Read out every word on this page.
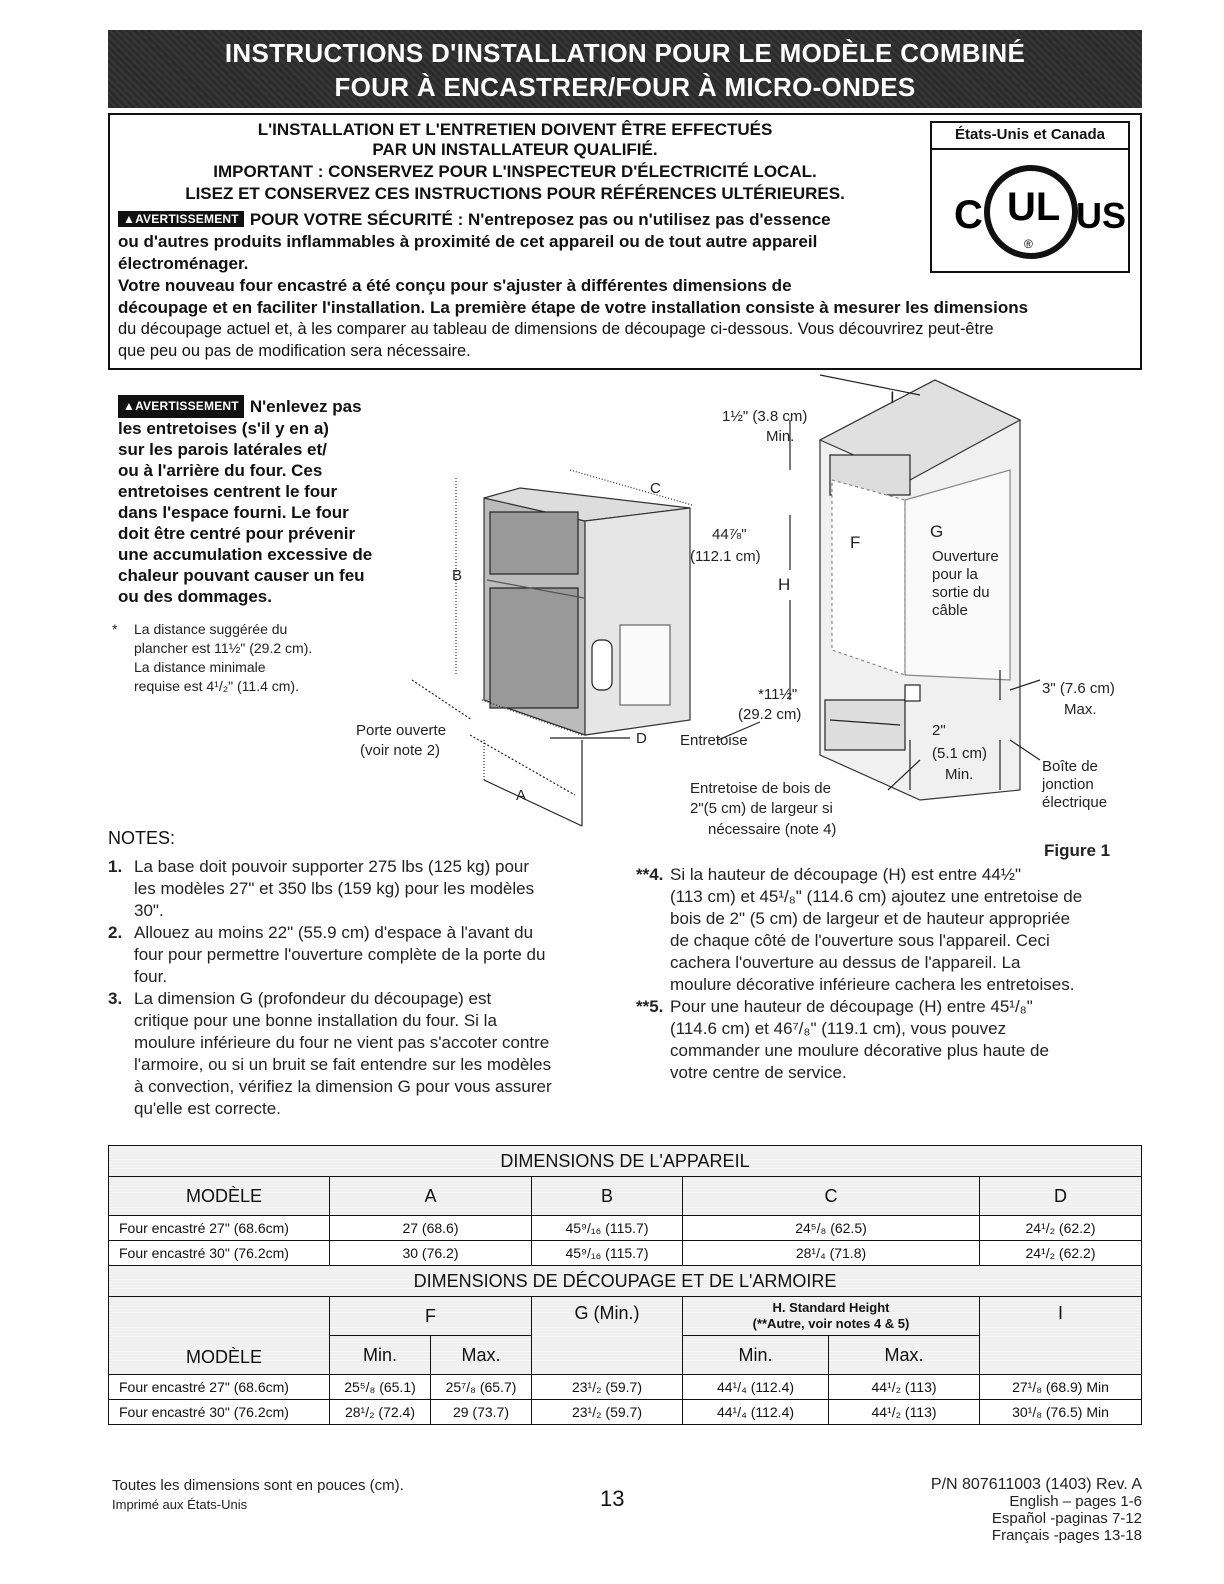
INSTRUCTIONS D'INSTALLATION POUR LE MODÈLE COMBINÉ
FOUR À ENCASTRER/FOUR À MICRO-ONDES
L'INSTALLATION ET L'ENTRETIEN DOIVENT ÊTRE EFFECTUÉS
PAR UN INSTALLATEUR QUALIFIÉ.
IMPORTANT : CONSERVEZ POUR L'INSPECTEUR D'ÉLECTRICITÉ LOCAL.
LISEZ ET CONSERVEZ CES INSTRUCTIONS POUR RÉFÉRENCES ULTÉRIEURES.
▲AVERTISSEMENT POUR VOTRE SÉCURITÉ : N'entreposez pas ou n'utilisez pas d'essence
ou d'autres produits inflammables à proximité de cet appareil ou de tout autre appareil
électroménager.
Votre nouveau four encastré a été conçu pour s'ajuster à différentes dimensions de
découpage et en faciliter l'installation. La première étape de votre installation consiste à mesurer les dimensions
du découpage actuel et, à les comparer au tableau de dimensions de découpage ci-dessous. Vous découvrirez peut-être
que peu ou pas de modification sera nécessaire.
États-Unis et Canada
C UL
®
US
▲AVERTISSEMENT N'enlevez pas
les entretoises (s'il y en a)
sur les parois latérales et/
ou à l'arrière du four. Ces
entretoises centrent le four
dans l'espace fourni. Le four
doit être centré pour prévenir
une accumulation excessive de
chaleur pouvant causer un feu
ou des dommages.
* La distance suggérée du
plancher est 11½" (29.2 cm).
La distance minimale
requise est 4¹/₂" (11.4 cm).
C
B
D
A
H
F
G
I
Porte ouverte
(voir note 2)
1½" (3.8 cm)
Min.
44⅞"
(112.1 cm)
*11½"
(29.2 cm)
Entretoise
Entretoise de bois de
2"(5 cm) de largeur si
nécessaire (note 4)
Ouverture
pour la
sortie du
câble
3" (7.6 cm)
Max.
2"
(5.1 cm)
Min.	Boîte de
jonction
électrique
Figure 1
NOTES:
1. La base doit pouvoir supporter 275 lbs (125 kg) pour
les modèles 27" et 350 lbs (159 kg) pour les modèles
30".
2. Allouez au moins 22" (55.9 cm) d'espace à l'avant du
four pour permettre l'ouverture complète de la porte du
four.
3. La dimension G (profondeur du découpage) est
critique pour une bonne installation du four. Si la
moulure inférieure du four ne vient pas s'accoter contre
l'armoire, ou si un bruit se fait entendre sur les modèles
à convection, vérifiez la dimension G pour vous assurer
qu'elle est correcte.
**4. Si la hauteur de découpage (H) est entre 44½"
(113 cm) et 45¹/₈" (114.6 cm) ajoutez une entretoise de
bois de 2" (5 cm) de largeur et de hauteur appropriée
de chaque côté de l'ouverture sous l'appareil. Ceci
cachera l'ouverture au dessus de l'appareil. La
moulure décorative inférieure cachera les entretoises.
**5. Pour une hauteur de découpage (H) entre 45¹/₈"
(114.6 cm) et 46⁷/₈" (119.1 cm), vous pouvez
commander une moulure décorative plus haute de
votre centre de service.
DIMENSIONS DE L'APPAREIL						
MODÈLE	A		B	C		D
Four encastré 27" (68.6cm)	27 (68.6)		45⁹/₁₆ (115.7)	24⁵/₈ (62.5)		24¹/₂ (62.2)
Four encastré 30" (76.2cm)	30 (76.2)		45⁹/₁₆ (115.7)	28¹/₄ (71.8)		24¹/₂ (62.2)
DIMENSIONS DE DÉCOUPAGE ET DE L'ARMOIRE						
MODÈLE	F		G (Min.)	H. Standard Height
(**Autre, voir notes 4 & 5)		I
	Min.	Max.		Min.	Max.	
Four encastré 27" (68.6cm)	25⁵/₈ (65.1)	25⁷/₈ (65.7)	23¹/₂ (59.7)	44¹/₄ (112.4)	44¹/₂ (113)	27¹/₈ (68.9) Min
Four encastré 30" (76.2cm)	28¹/₂ (72.4)	29 (73.7)	23¹/₂ (59.7)	44¹/₄ (112.4)	44¹/₂ (113)	30¹/₈ (76.5) Min
Toutes les dimensions sont en pouces (cm).
Imprimé aux États-Unis	13
P/N 807611003 (1403) Rev. A
English – pages 1-6
Español -paginas 7-12
Français -pages 13-18
